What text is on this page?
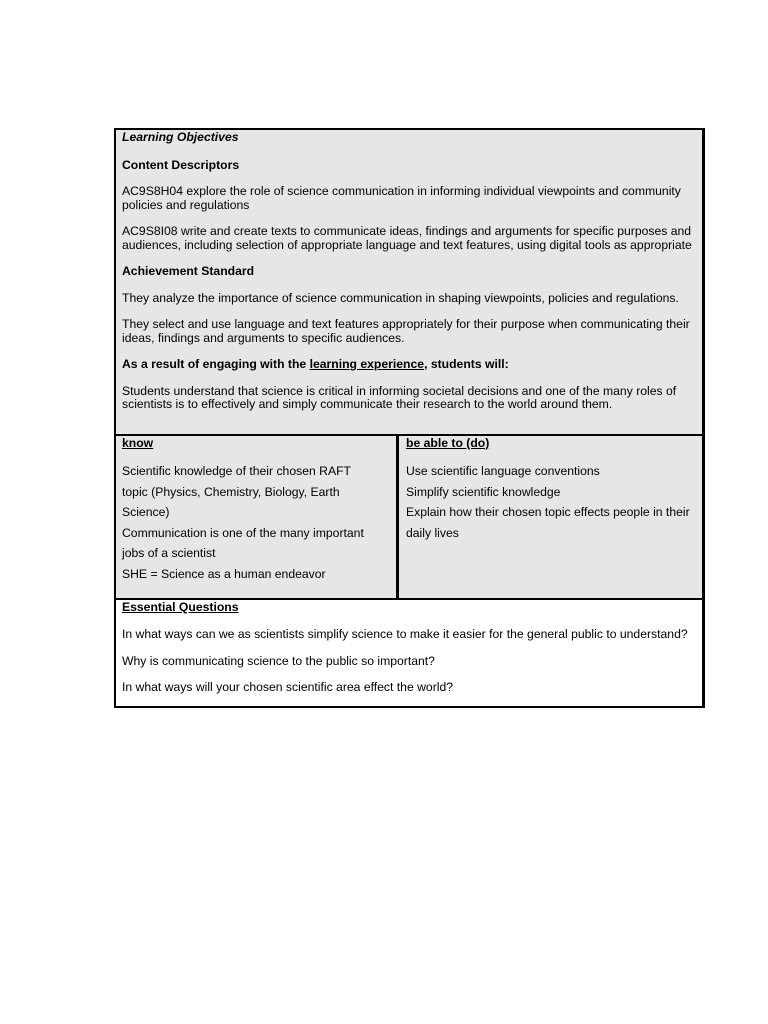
Learning Objectives

Content Descriptors

AC9S8H04 explore the role of science communication in informing individual viewpoints and community policies and regulations

AC9S8I08 write and create texts to communicate ideas, findings and arguments for specific purposes and audiences, including selection of appropriate language and text features, using digital tools as appropriate

Achievement Standard

They analyze the importance of science communication in shaping viewpoints, policies and regulations.

They select and use language and text features appropriately for their purpose when communicating their ideas, findings and arguments to specific audiences.

As a result of engaging with the learning experience, students will:

Students understand that science is critical in informing societal decisions and one of the many roles of scientists is to effectively and simply communicate their research to the world around them.

know

Scientific knowledge of their chosen RAFT

topic (Physics, Chemistry, Biology, Earth

Science)

Communication is one of the many important

jobs of a scientist

SHE = Science as a human endeavor

be able to (do)

Use scientific language conventions

Simplify scientific knowledge

Explain how their chosen topic effects people in their

daily lives

Essential Questions

In what ways can we as scientists simplify science to make it easier for the general public to understand?

Why is communicating science to the public so important?

In what ways will your chosen scientific area effect the world?
